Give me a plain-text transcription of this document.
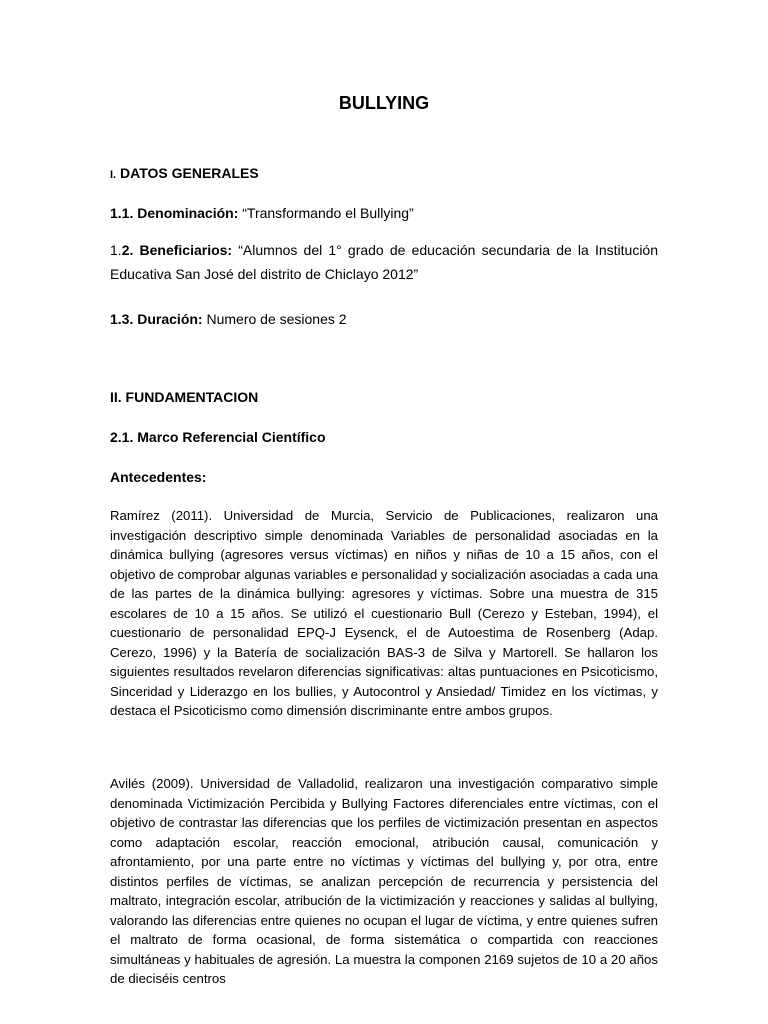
BULLYING
I. DATOS GENERALES
1.1. Denominación: “Transformando el Bullying”
1.2. Beneficiarios: “Alumnos del 1° grado de educación secundaria de la Institución Educativa San José del distrito de Chiclayo 2012”
1.3. Duración: Numero de sesiones 2
II. FUNDAMENTACION
2.1. Marco Referencial Científico
Antecedentes:

Ramírez (2011). Universidad de Murcia, Servicio de Publicaciones, realizaron una investigación descriptivo simple denominada Variables de personalidad asociadas en la dinámica bullying (agresores versus víctimas) en niños y niñas de 10 a 15 años, con el objetivo de comprobar algunas variables e personalidad y socialización asociadas a cada una de las partes de la dinámica bullying: agresores y víctimas. Sobre una muestra de 315 escolares de 10 a 15 años. Se utilizó el cuestionario Bull (Cerezo y Esteban, 1994), el cuestionario de personalidad EPQ-J Eysenck, el de Autoestima de Rosenberg (Adap. Cerezo, 1996) y la Batería de socialización BAS-3 de Silva y Martorell. Se hallaron los siguientes resultados revelaron diferencias significativas: altas puntuaciones en Psicoticismo, Sinceridad y Liderazgo en los bullies, y Autocontrol y Ansiedad/ Timidez en los víctimas, y destaca el Psicoticismo como dimensión discriminante entre ambos grupos.

Avilés (2009). Universidad de Valladolid, realizaron una investigación comparativo simple denominada Victimización Percibida y Bullying Factores diferenciales entre víctimas, con el objetivo de contrastar las diferencias que los perfiles de victimización presentan en aspectos como adaptación escolar, reacción emocional, atribución causal, comunicación y afrontamiento, por una parte entre no víctimas y víctimas del bullying y, por otra, entre distintos perfiles de víctimas, se analizan percepción de recurrencia y persistencia del maltrato, integración escolar, atribución de la victimización y reacciones y salidas al bullying, valorando las diferencias entre quienes no ocupan el lugar de víctima, y entre quienes sufren el maltrato de forma ocasional, de forma sistemática o compartida con reacciones simultáneas y habituales de agresión. La muestra la componen 2169 sujetos de 10 a 20 años de dieciséis centros
